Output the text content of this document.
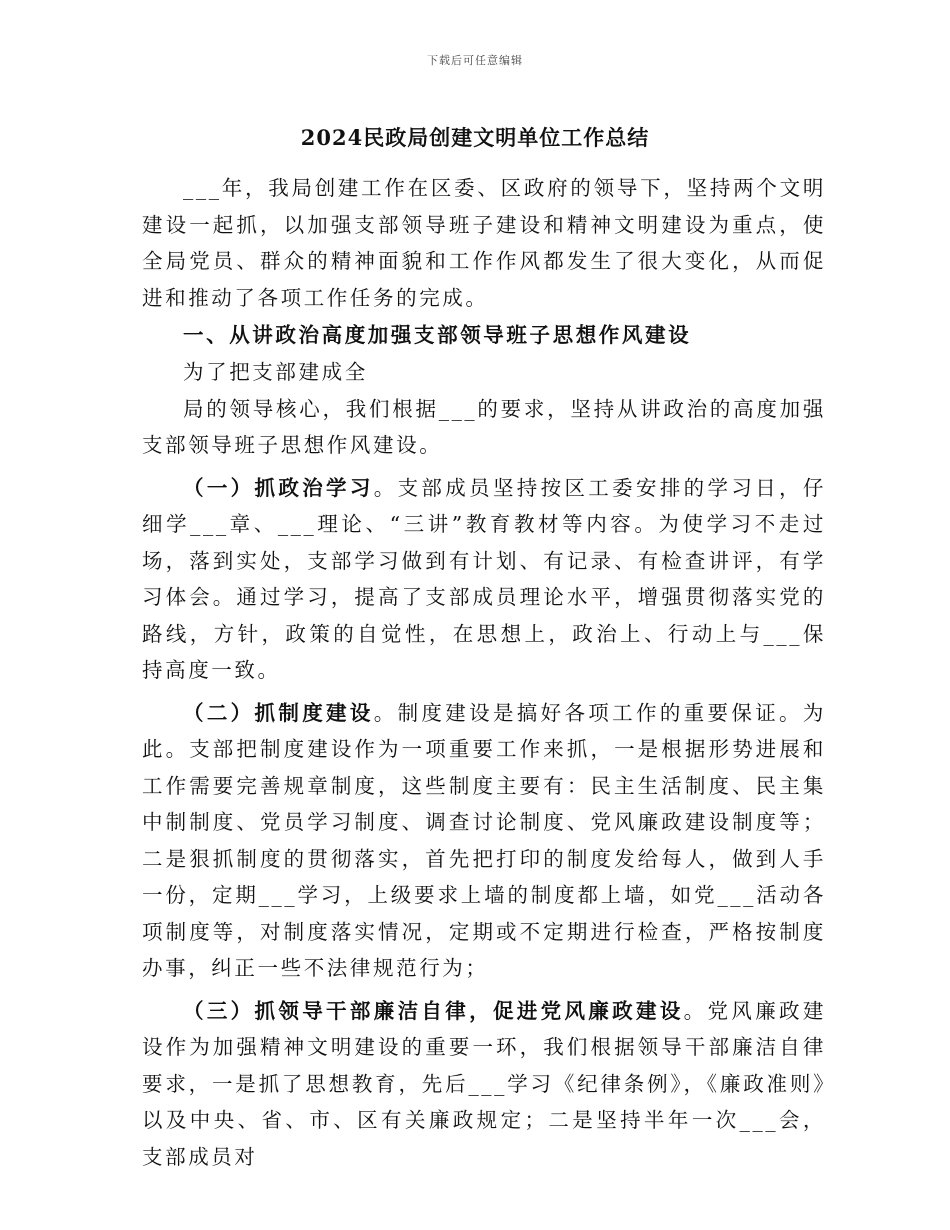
下载后可任意编辑
2024民政局创建文明单位工作总结

___年，我局创建工作在区委、区政府的领导下，坚持两个文明建设一起抓，以加强支部领导班子建设和精神文明建设为重点，使全局党员、群众的精神面貌和工作作风都发生了很大变化，从而促进和推动了各项工作任务的完成。

一、从讲政治高度加强支部领导班子思想作风建设

为了把支部建成全

局的领导核心，我们根据___的要求，坚持从讲政治的高度加强支部领导班子思想作风建设。

（一）抓政治学习。支部成员坚持按区工委安排的学习日，仔细学___章、___理论、“三讲”教育教材等内容。为使学习不走过场，落到实处，支部学习做到有计划、有记录、有检查讲评，有学习体会。通过学习，提高了支部成员理论水平，增强贯彻落实党的路线，方针，政策的自觉性，在思想上，政治上、行动上与___保持高度一致。

（二）抓制度建设。制度建设是搞好各项工作的重要保证。为此。支部把制度建设作为一项重要工作来抓，一是根据形势进展和工作需要完善规章制度，这些制度主要有：民主生活制度、民主集中制制度、党员学习制度、调查讨论制度、党风廉政建设制度等；二是狠抓制度的贯彻落实，首先把打印的制度发给每人，做到人手一份，定期___学习，上级要求上墙的制度都上墙，如党___活动各项制度等，对制度落实情况，定期或不定期进行检查，严格按制度办事，纠正一些不法律规范行为；

（三）抓领导干部廉洁自律，促进党风廉政建设。党风廉政建设作为加强精神文明建设的重要一环，我们根据领导干部廉洁自律要求，一是抓了思想教育，先后___学习《纪律条例》，《廉政准则》以及中央、省、市、区有关廉政规定；二是坚持半年一次___会，支部成员对
